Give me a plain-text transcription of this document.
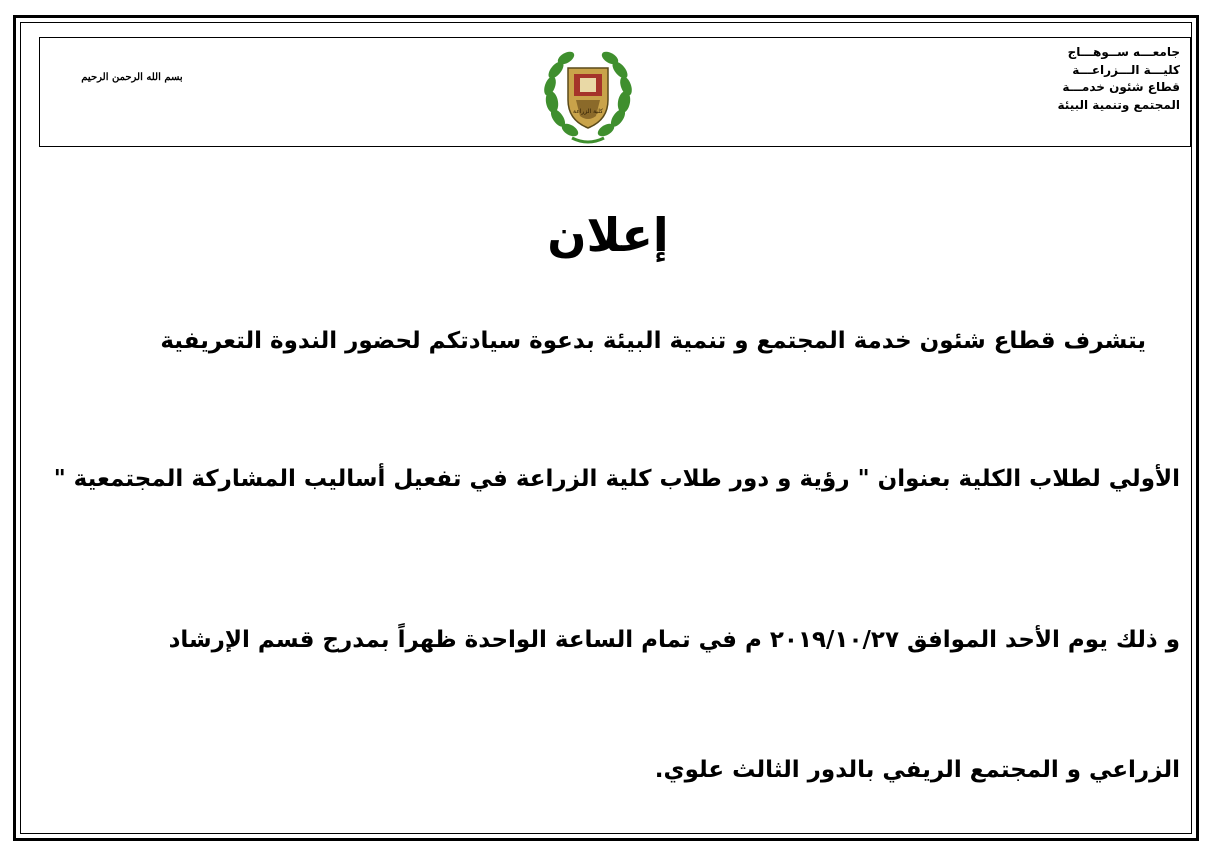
جامعـــه ســوهـــاج
كليـــة الـــزراعـــة
قطاع شئون خدمـــة
المجتمع وتنمية البيئة
بسم الله الرحمن الرحيم
كلية الزراعة
إعلان
يتشرف قطاع شئون خدمة المجتمع و تنمية البيئة بدعوة سيادتكم لحضور الندوة التعريفية
الأولي لطلاب الكلية بعنوان " رؤية و دور طلاب كلية الزراعة في تفعيل أساليب المشاركة المجتمعية "
و ذلك يوم الأحد الموافق ٢٠١٩/١٠/٢٧ م في تمام الساعة الواحدة ظهراً بمدرج قسم الإرشاد
الزراعي و المجتمع الريفي بالدور الثالث علوي.
